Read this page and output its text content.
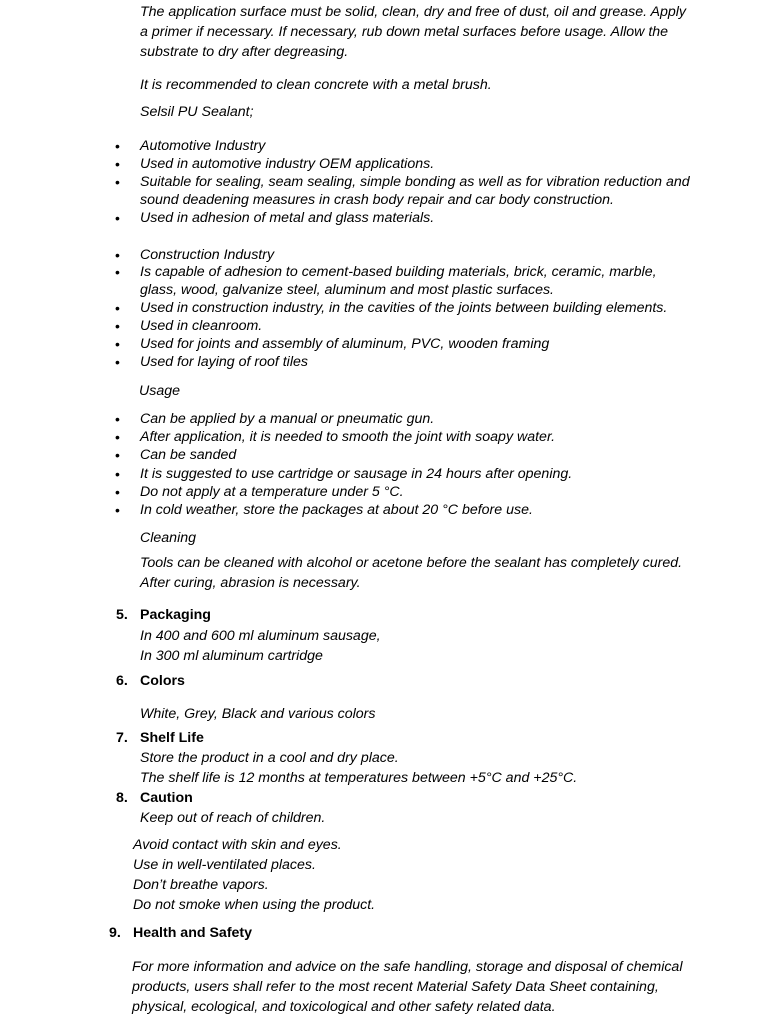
The application surface must be solid, clean, dry and free of dust, oil and grease. Apply a primer if necessary. If necessary, rub down metal surfaces before usage. Allow the substrate to dry after degreasing.
It is recommended to clean concrete with a metal brush.
Selsil PU Sealant;
• Automotive Industry
• Used in automotive industry OEM applications.
• Suitable for sealing, seam sealing, simple bonding as well as for vibration reduction and sound deadening measures in crash body repair and car body construction.
• Used in adhesion of metal and glass materials.
• Construction Industry
• Is capable of adhesion to cement-based building materials, brick, ceramic, marble, glass, wood, galvanize steel, aluminum and most plastic surfaces.
• Used in construction industry, in the cavities of the joints between building elements.
• Used in cleanroom.
• Used for joints and assembly of aluminum, PVC, wooden framing
• Used for laying of roof tiles
Usage
• Can be applied by a manual or pneumatic gun.
• After application, it is needed to smooth the joint with soapy water.
• Can be sanded
• It is suggested to use cartridge or sausage in 24 hours after opening.
• Do not apply at a temperature under 5 °C.
• In cold weather, store the packages at about 20 °C before use.
Cleaning
Tools can be cleaned with alcohol or acetone before the sealant has completely cured. After curing, abrasion is necessary.
5. Packaging
In 400 and 600 ml aluminum sausage,
In 300 ml aluminum cartridge
6. Colors
White, Grey, Black and various colors
7. Shelf Life
Store the product in a cool and dry place.
The shelf life is 12 months at temperatures between +5°C and +25°C.
8. Caution
Keep out of reach of children.
Avoid contact with skin and eyes.
Use in well-ventilated places.
Don’t breathe vapors.
Do not smoke when using the product.
9. Health and Safety
For more information and advice on the safe handling, storage and disposal of chemical products, users shall refer to the most recent Material Safety Data Sheet containing, physical, ecological, and toxicological and other safety related data.
